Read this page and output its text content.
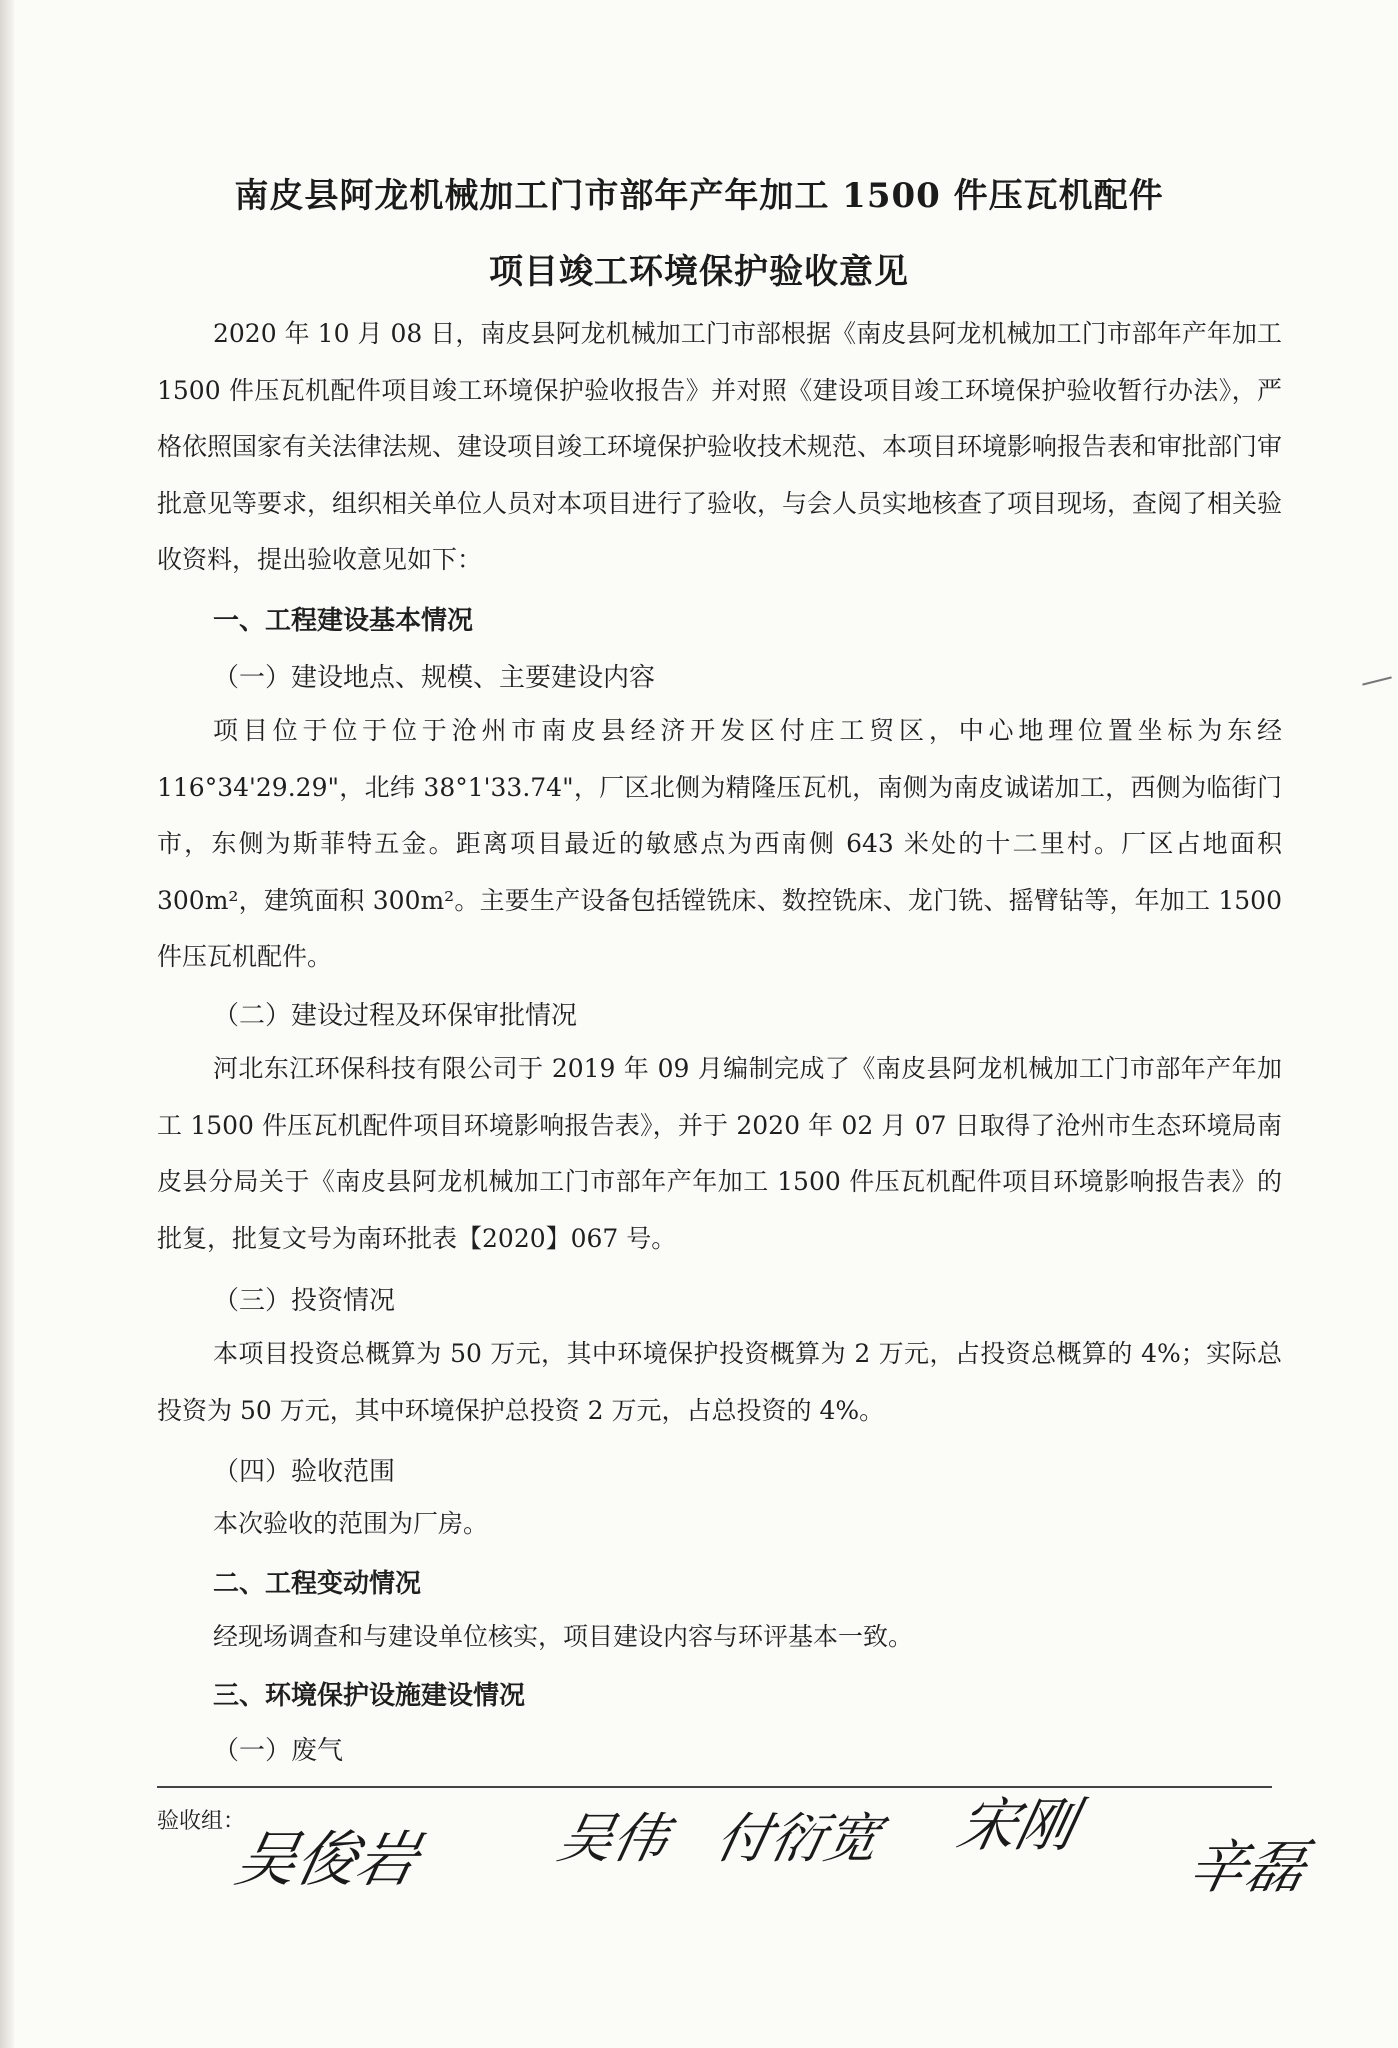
南皮县阿龙机械加工门市部年产年加工 1500 件压瓦机配件
项目竣工环境保护验收意见
2020 年 10 月 08 日，南皮县阿龙机械加工门市部根据《南皮县阿龙机械加工门市部年产年加工 1500 件压瓦机配件项目竣工环境保护验收报告》并对照《建设项目竣工环境保护验收暂行办法》，严格依照国家有关法律法规、建设项目竣工环境保护验收技术规范、本项目环境影响报告表和审批部门审批意见等要求，组织相关单位人员对本项目进行了验收，与会人员实地核查了项目现场，查阅了相关验收资料，提出验收意见如下：
一、工程建设基本情况
（一）建设地点、规模、主要建设内容
项目位于位于位于沧州市南皮县经济开发区付庄工贸区，中心地理位置坐标为东经 116°34'29.29"，北纬 38°1'33.74"，厂区北侧为精隆压瓦机，南侧为南皮诚诺加工，西侧为临街门市，东侧为斯菲特五金。距离项目最近的敏感点为西南侧 643 米处的十二里村。厂区占地面积 300m²，建筑面积 300m²。主要生产设备包括镗铣床、数控铣床、龙门铣、摇臂钻等，年加工 1500 件压瓦机配件。
（二）建设过程及环保审批情况
河北东江环保科技有限公司于 2019 年 09 月编制完成了《南皮县阿龙机械加工门市部年产年加工 1500 件压瓦机配件项目环境影响报告表》，并于 2020 年 02 月 07 日取得了沧州市生态环境局南皮县分局关于《南皮县阿龙机械加工门市部年产年加工 1500 件压瓦机配件项目环境影响报告表》的批复，批复文号为南环批表【2020】067 号。
（三）投资情况
本项目投资总概算为 50 万元，其中环境保护投资概算为 2 万元，占投资总概算的 4%；实际总投资为 50 万元，其中环境保护总投资 2 万元，占总投资的 4%。
（四）验收范围
本次验收的范围为厂房。
二、工程变动情况
经现场调查和与建设单位核实，项目建设内容与环评基本一致。
三、环境保护设施建设情况
（一）废气
验收组：
吴俊岩 吴伟 付衍宽 宋刚
辛磊
